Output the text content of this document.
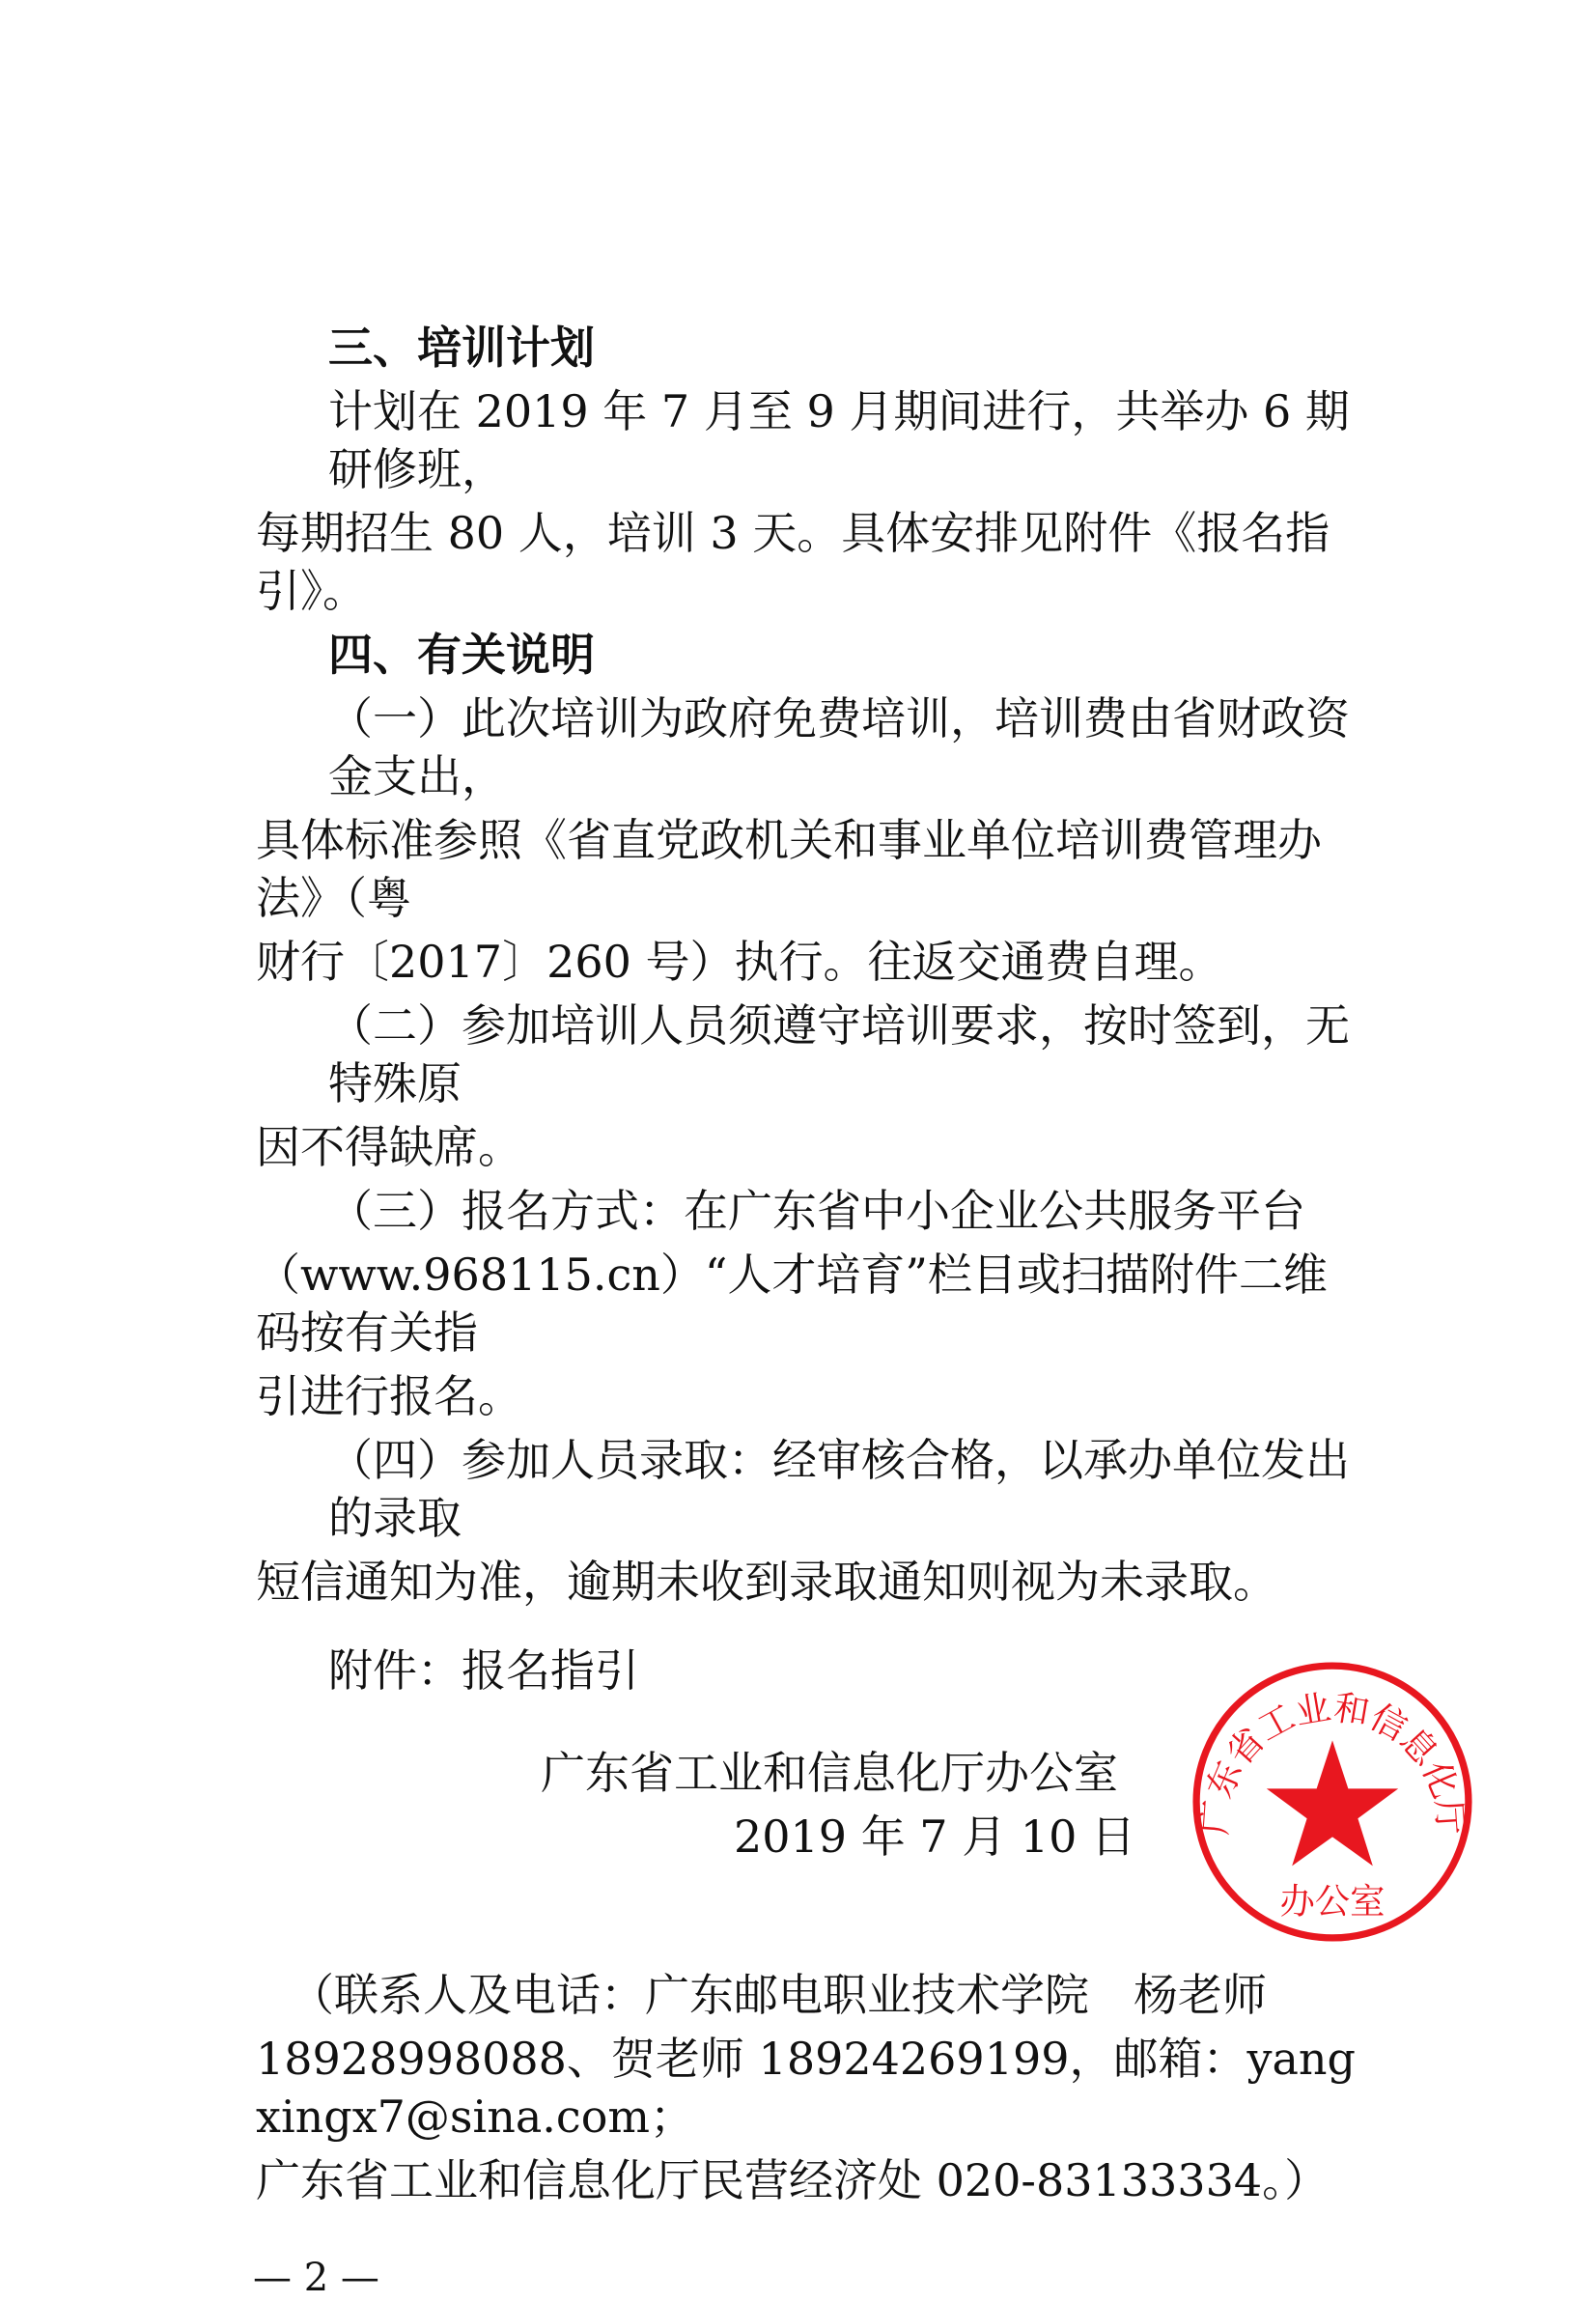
三、培训计划
计划在 2019 年 7 月至 9 月期间进行，共举办 6 期研修班，
每期招生 80 人，培训 3 天。具体安排见附件《报名指引》。
四、有关说明
（一）此次培训为政府免费培训，培训费由省财政资金支出，
具体标准参照《省直党政机关和事业单位培训费管理办法》（粤
财行〔2017〕260 号）执行。往返交通费自理。
（二）参加培训人员须遵守培训要求，按时签到，无特殊原
因不得缺席。
（三）报名方式：在广东省中小企业公共服务平台
（www.968115.cn）“人才培育”栏目或扫描附件二维码按有关指
引进行报名。
（四）参加人员录取：经审核合格，以承办单位发出的录取
短信通知为准，逾期未收到录取通知则视为未录取。
附件：报名指引
广东省工业和信息化厅办公室
2019 年 7 月 10 日 广东省工业和信息化厅
办公室
（联系人及电话：广东邮电职业技术学院　杨老师
18928998088、贺老师 18924269199，邮箱：yangxingx7@sina.com；
广东省工业和信息化厅民营经济处 020-83133334。）
— 2 —
